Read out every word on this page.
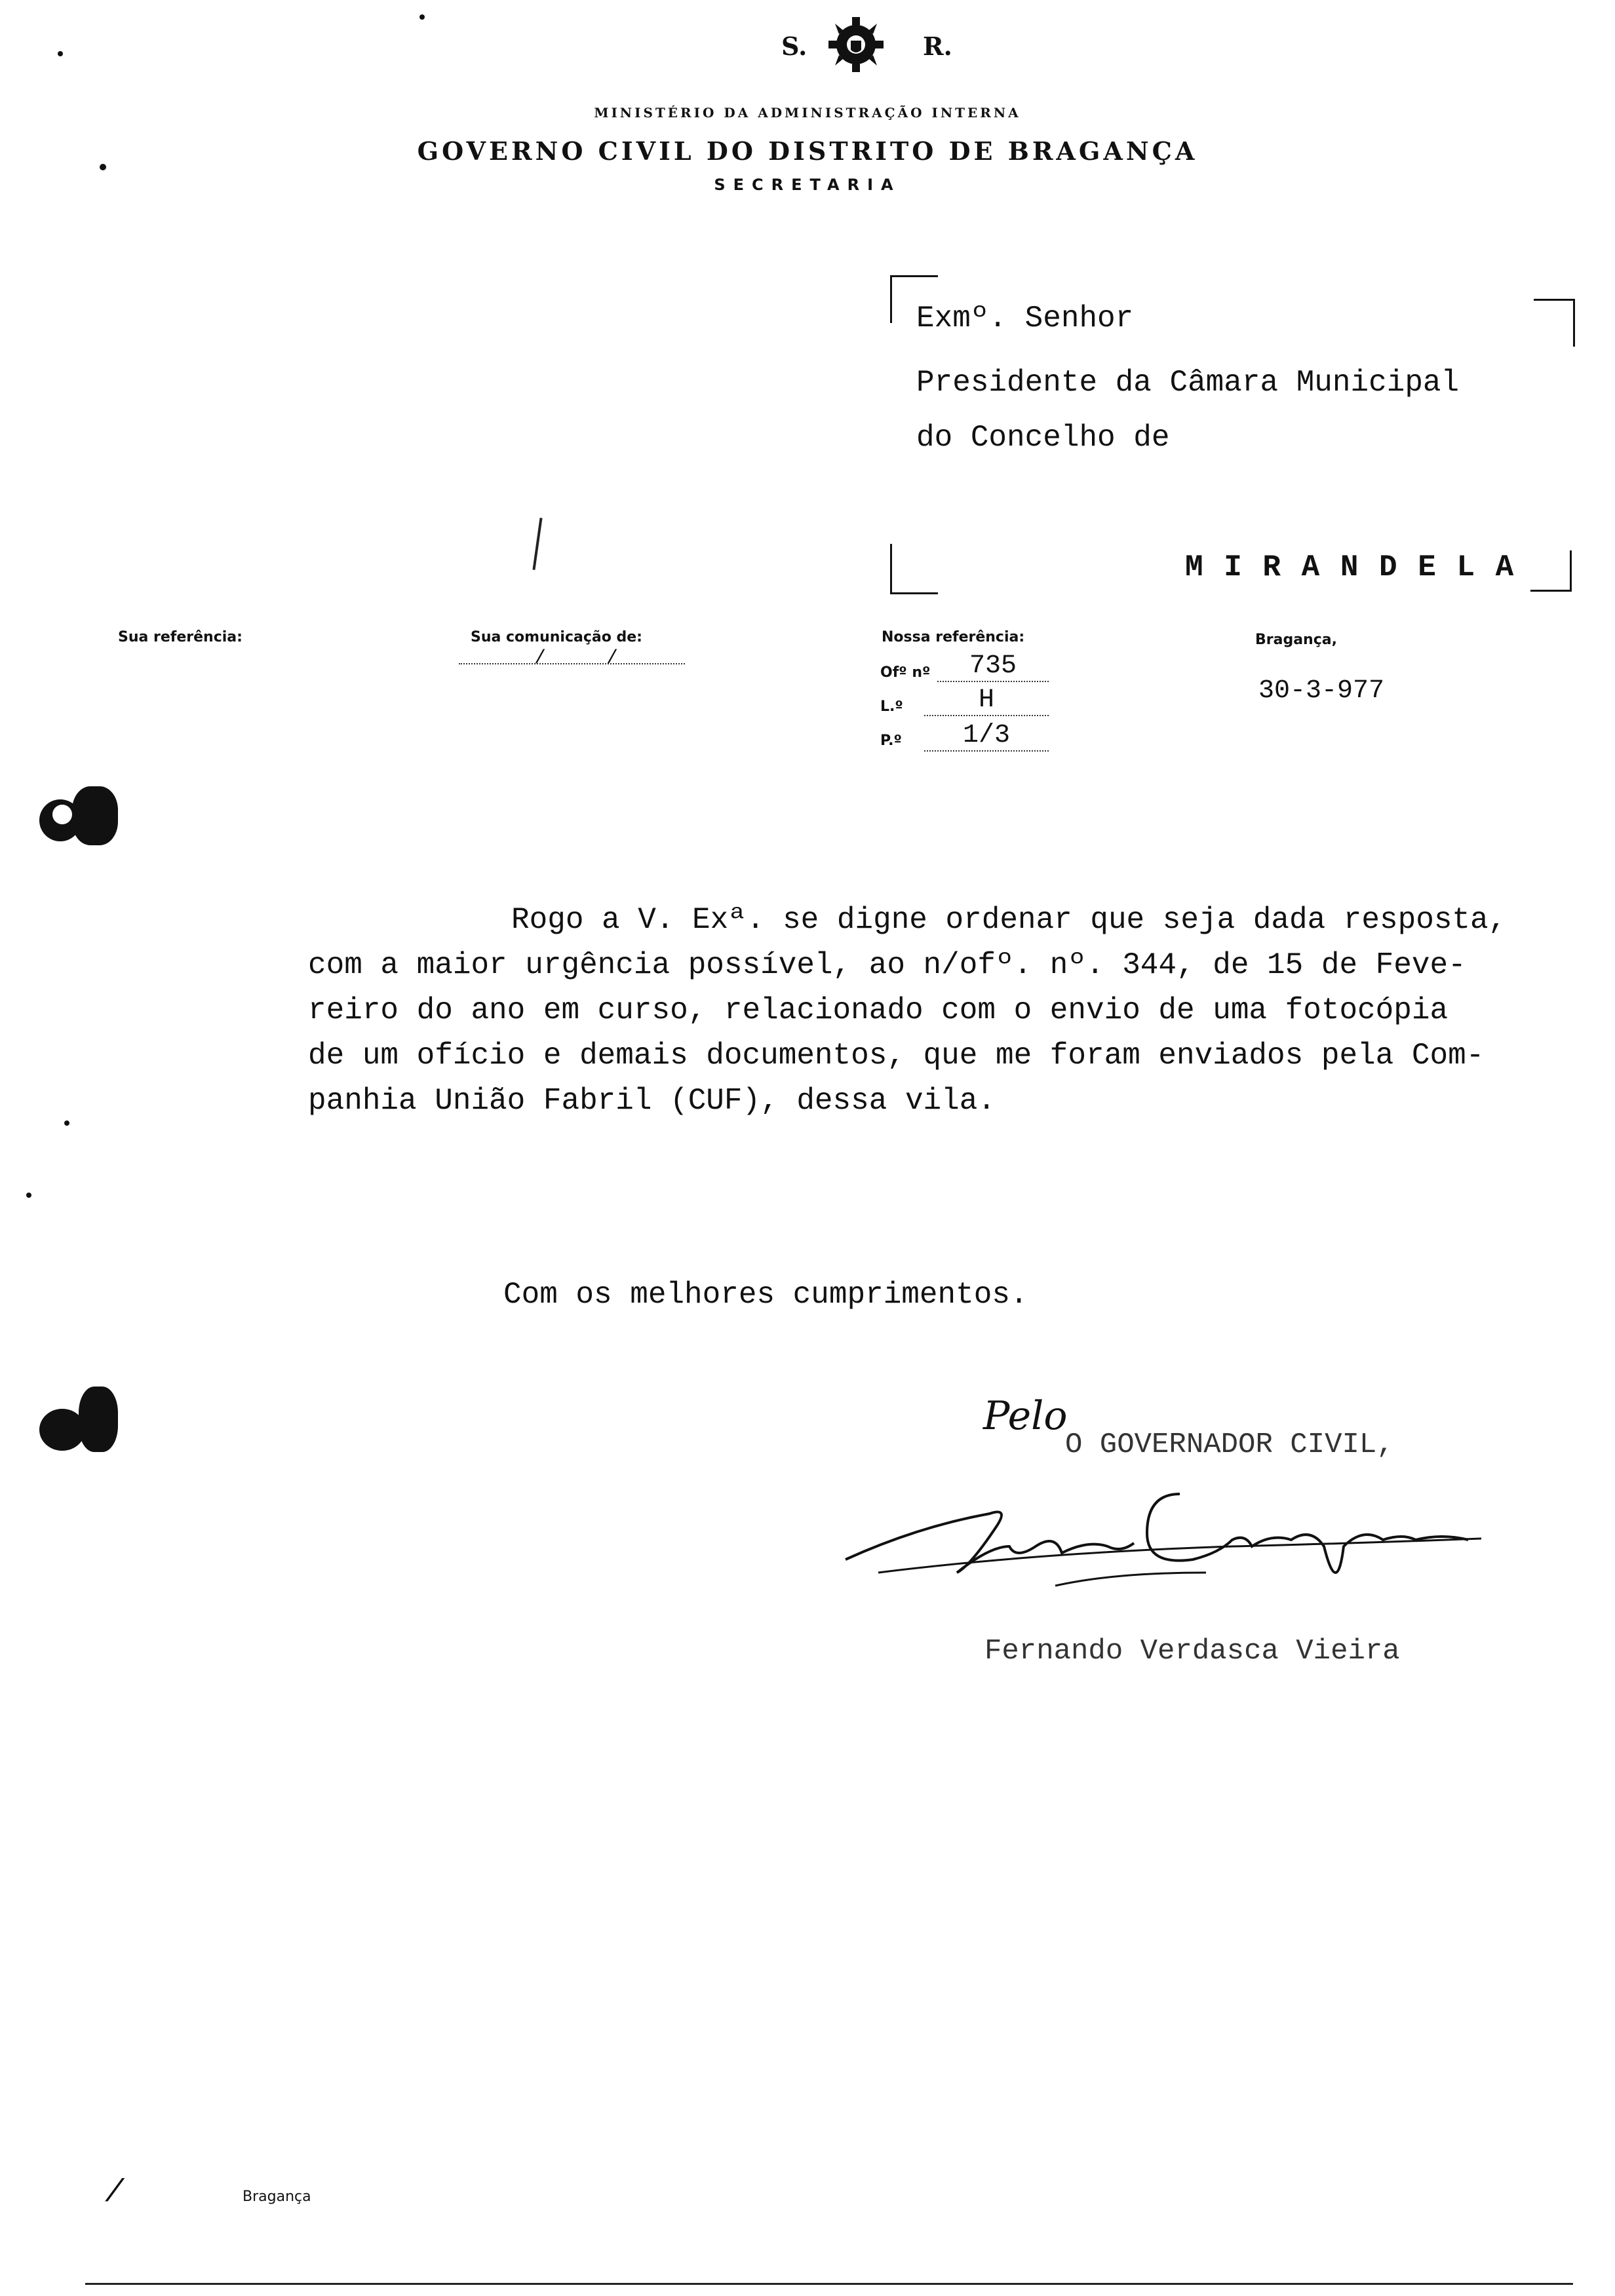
S.	R.
MINISTÉRIO DA ADMINISTRAÇÃO INTERNA
GOVERNO CIVIL DO DISTRITO DE BRAGANÇA
SECRETARIA
Exmº. Senhor
Presidente da Câmara Municipal
do Concelho de
M I R A N D E L A
Sua referência:	Sua comunicação de:
/	/
Nossa referência:
Ofº nº	735
L.º	H
P.º	1/3
Bragança,
30-3-977
Rogo a V. Exª. se digne ordenar que seja dada resposta,
com a maior urgência possível, ao n/ofº. nº. 344, de 15 de Feve-
reiro do ano em curso, relacionado com o envio de uma fotocópia
de um ofício e demais documentos, que me foram enviados pela Com-
panhia União Fabril (CUF), dessa vila.
Com os melhores cumprimentos.
Pelo
O GOVERNADOR CIVIL,
Fernando Verdasca Vieira
/	Bragança
